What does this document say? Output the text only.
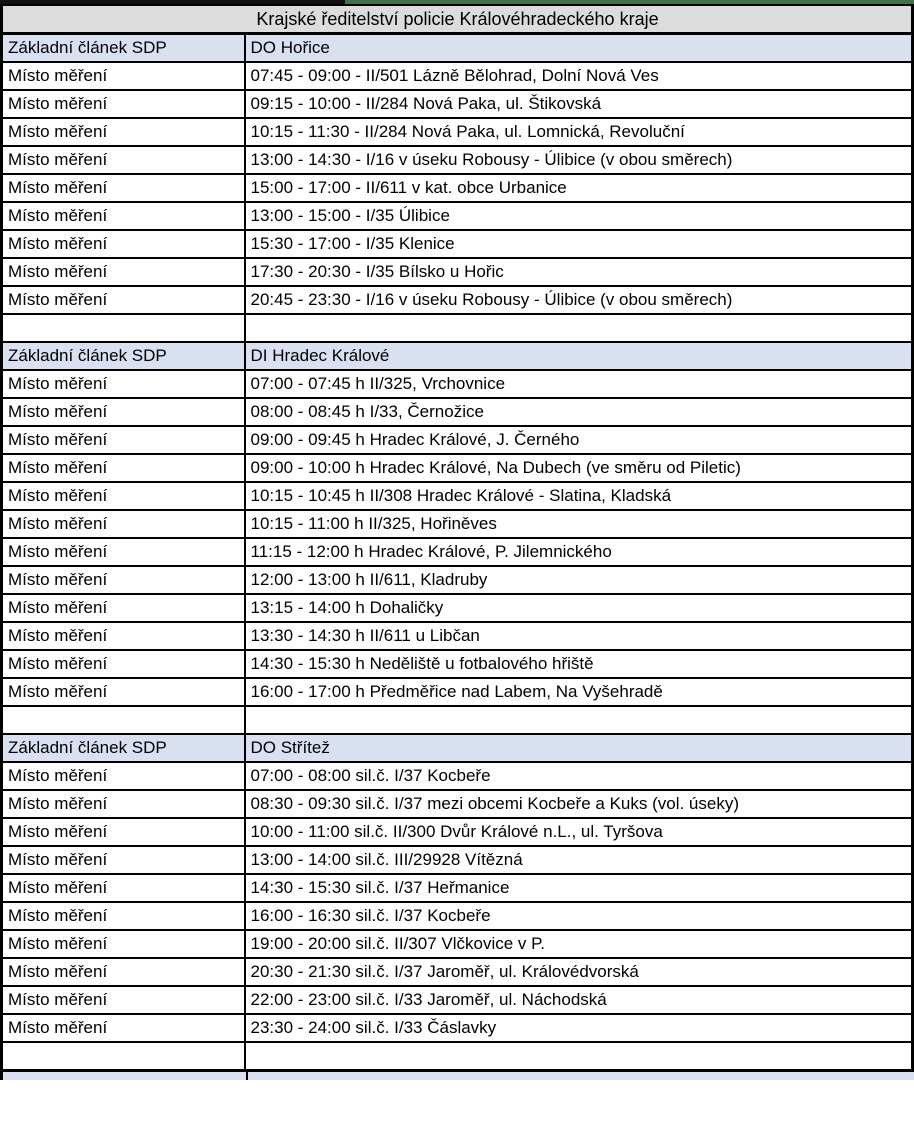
Krajské ředitelství policie Královéhradeckého kraje	
Základní článek SDP	DO Hořice
Místo měření	07:45 - 09:00 - II/501 Lázně Bělohrad, Dolní Nová Ves
Místo měření	09:15 - 10:00 - II/284 Nová Paka, ul. Štikovská
Místo měření	10:15 - 11:30 - II/284 Nová Paka, ul. Lomnická, Revoluční
Místo měření	13:00 - 14:30 - I/16 v úseku Robousy - Úlibice (v obou směrech)
Místo měření	15:00 - 17:00 - II/611 v kat. obce Urbanice
Místo měření	13:00 - 15:00 - I/35 Úlibice
Místo měření	15:30 - 17:00 - I/35 Klenice
Místo měření	17:30 - 20:30 - I/35 Bílsko u Hořic
Místo měření	20:45 - 23:30 - I/16 v úseku Robousy - Úlibice (v obou směrech)

Základní článek SDP	DI Hradec Králové
Místo měření	07:00 - 07:45 h II/325, Vrchovnice
Místo měření	08:00 - 08:45 h I/33, Černožice
Místo měření	09:00 - 09:45 h Hradec Králové, J. Černého
Místo měření	09:00 - 10:00 h Hradec Králové, Na Dubech (ve směru od Piletic)
Místo měření	10:15 - 10:45 h II/308 Hradec Králové - Slatina, Kladská
Místo měření	10:15 - 11:00 h II/325, Hořiněves
Místo měření	11:15 - 12:00 h Hradec Králové, P. Jilemnického
Místo měření	12:00 - 13:00 h II/611, Kladruby
Místo měření	13:15 - 14:00 h Dohaličky
Místo měření	13:30 - 14:30 h II/611 u Libčan
Místo měření	14:30 - 15:30 h Neděliště u fotbalového hřiště
Místo měření	16:00 - 17:00 h Předměřice nad Labem, Na Vyšehradě

Základní článek SDP	DO Střítež
Místo měření	07:00 - 08:00 sil.č. I/37 Kocbeře
Místo měření	08:30 - 09:30 sil.č. I/37 mezi obcemi Kocbeře a Kuks (vol. úseky)
Místo měření	10:00 - 11:00 sil.č. II/300 Dvůr Králové n.L., ul. Tyršova
Místo měření	13:00 - 14:00 sil.č. III/29928 Vítězná
Místo měření	14:30 - 15:30 sil.č. I/37 Heřmanice
Místo měření	16:00 - 16:30 sil.č. I/37 Kocbeře
Místo měření	19:00 - 20:00 sil.č. II/307 Vlčkovice v P.
Místo měření	20:30 - 21:30 sil.č. I/37 Jaroměř, ul. Královédvorská
Místo měření	22:00 - 23:00 sil.č. I/33 Jaroměř, ul. Náchodská
Místo měření	23:30 - 24:00 sil.č. I/33 Čáslavky
